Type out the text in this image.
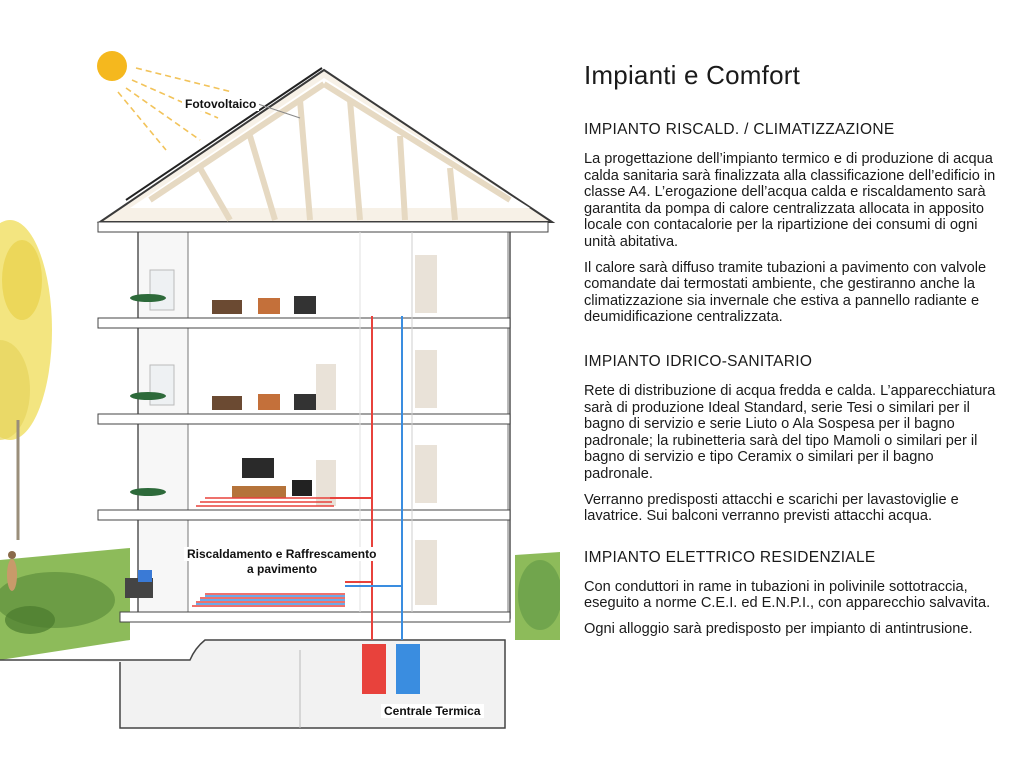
Fotovoltaico
Riscaldamento e Raffrescamento
a pavimento
Centrale Termica
Impianti e Comfort
IMPIANTO RISCALD. / CLIMATIZZAZIONE

La progettazione dell’impianto termico e di produzione di acqua calda sanitaria sarà finalizzata alla classificazione dell’edificio in classe A4. L’erogazione dell’acqua calda e riscaldamento sarà garantita da pompa di calore centralizzata allocata in apposito locale con contacalorie per la ripartizione dei consumi di ogni unità abitativa.

Il calore sarà diffuso tramite tubazioni a pavimento con valvole comandate dai termostati ambiente, che gestiranno anche la climatizzazione sia invernale che estiva a pannello radiante e deumidificazione centralizzata.

IMPIANTO IDRICO-SANITARIO

Rete di distribuzione di acqua fredda e calda. L’apparecchiatura sarà di produzione Ideal Standard, serie Tesi o similari per il bagno di servizio e serie Liuto o Ala Sospesa per il bagno padronale; la rubinetteria sarà del tipo Mamoli o similari per il bagno di servizio e tipo Ceramix o similari per il bagno padronale.

Verranno predisposti attacchi e scarichi per lavastoviglie e lavatrice. Sui balconi verranno previsti attacchi acqua.

IMPIANTO ELETTRICO RESIDENZIALE

Con conduttori in rame in tubazioni in polivinile sottotraccia, eseguito a norme C.E.I. ed E.N.P.I., con apparecchio salvavita.

Ogni alloggio sarà predisposto per impianto di antintrusione.
